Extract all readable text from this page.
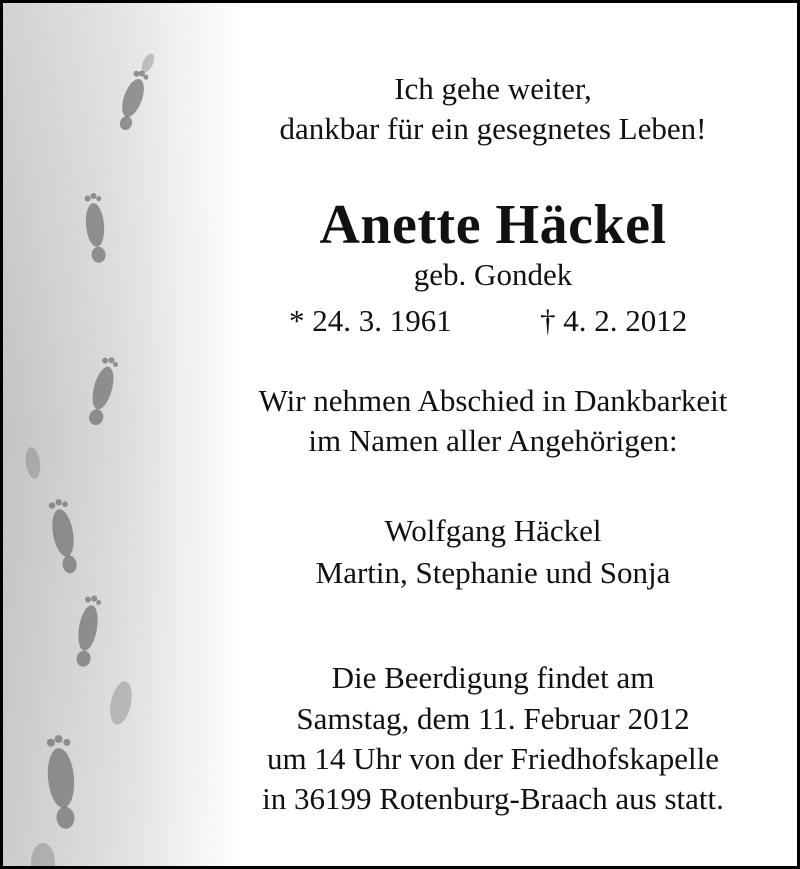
Ich gehe weiter,
dankbar für ein gesegnetes Leben!
Anette Häckel
geb. Gondek
* 24. 3. 1961	† 4. 2. 2012
Wir nehmen Abschied in Dankbarkeit
im Namen aller Angehörigen:
Wolfgang Häckel
Martin, Stephanie und Sonja
Die Beerdigung findet am
Samstag, dem 11. Februar 2012
um 14 Uhr von der Friedhofskapelle
in 36199 Rotenburg-Braach aus statt.
